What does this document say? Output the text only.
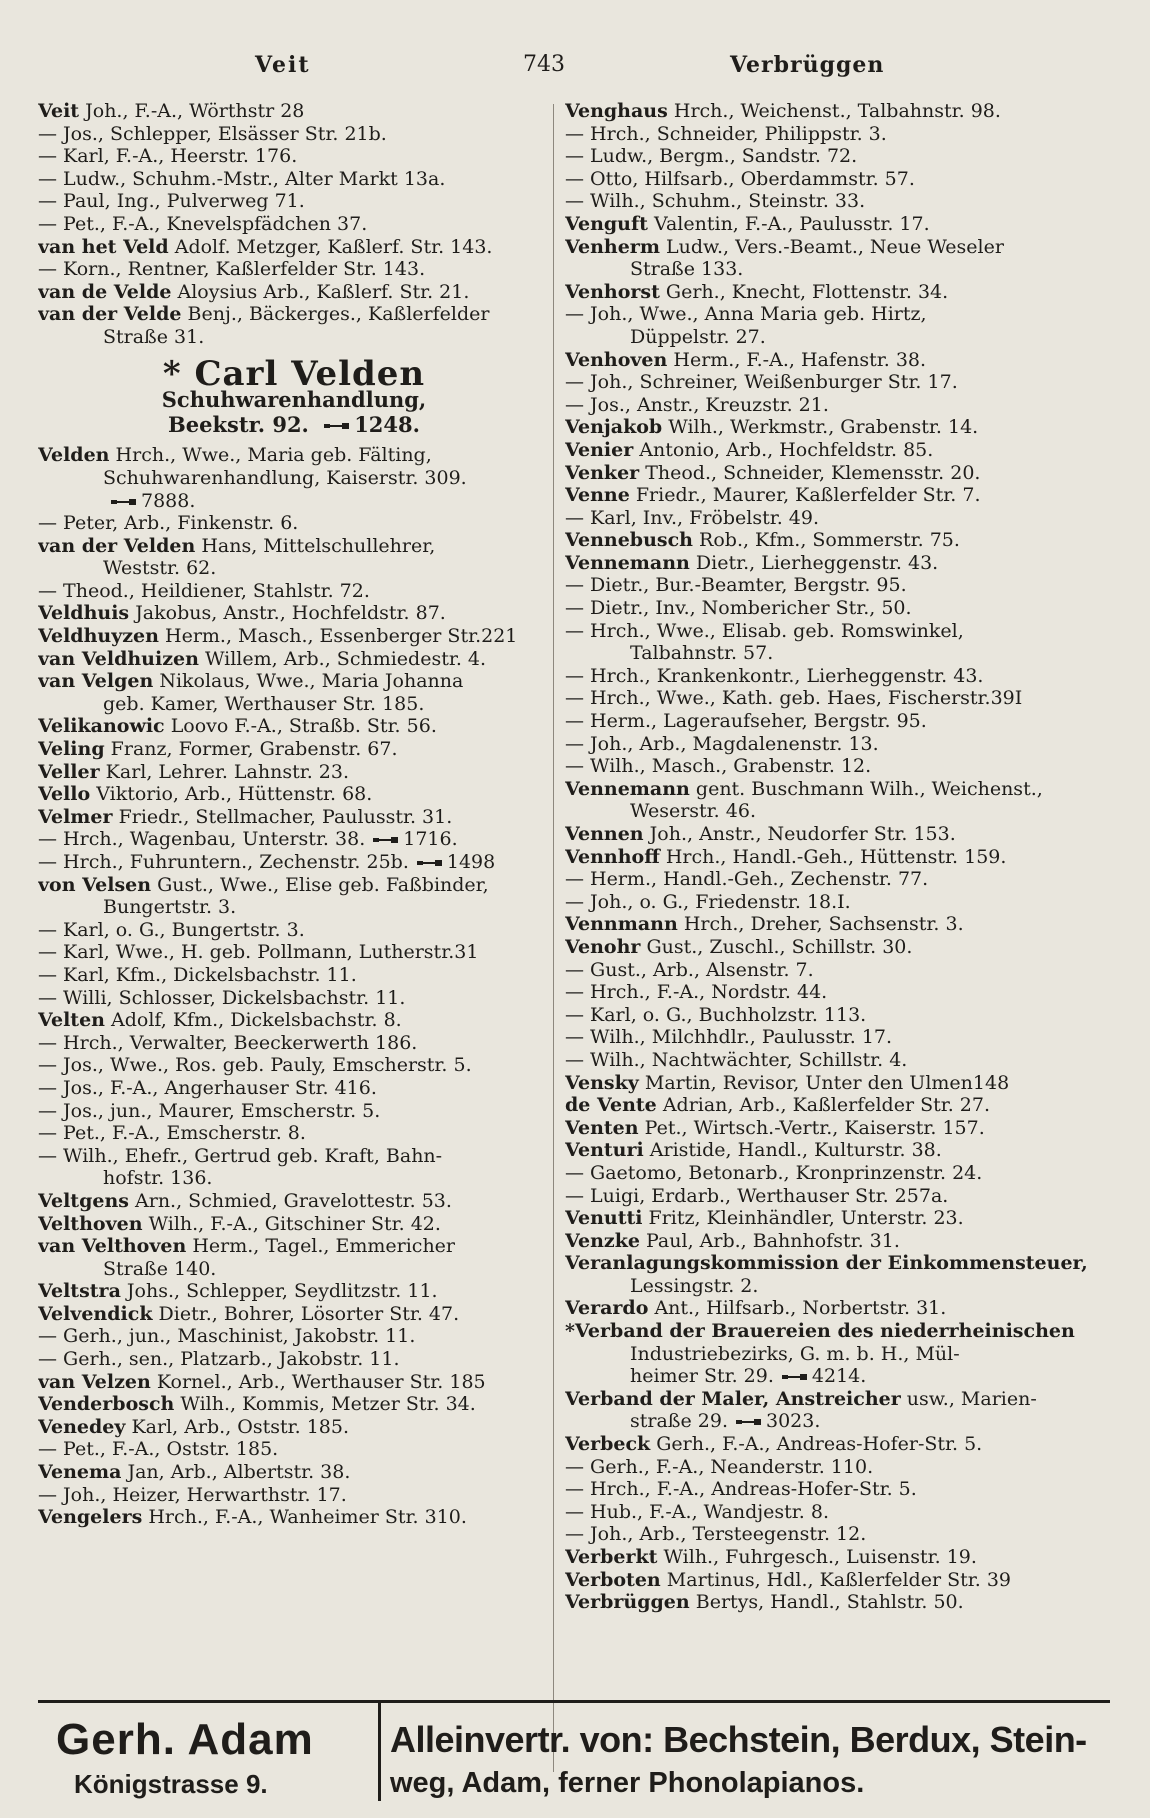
Veit	743	Verbrüggen
Veit Joh., F.-A., Wörthstr 28
— Jos., Schlepper, Elsässer Str. 21b.
— Karl, F.-A., Heerstr. 176.
— Ludw., Schuhm.-Mstr., Alter Markt 13a.
— Paul, Ing., Pulverweg 71.
— Pet., F.-A., Knevelspfädchen 37.
van het Veld Adolf. Metzger, Kaßlerf. Str. 143.
— Korn., Rentner, Kaßlerfelder Str. 143.
van de Velde Aloysius Arb., Kaßlerf. Str. 21.
van der Velde Benj., Bäckerges., Kaßlerfelder
Straße 31.
* Carl Velden
Schuhwarenhandlung,
Beekstr. 92. 1248.
Velden Hrch., Wwe., Maria geb. Fälting,
Schuhwarenhandlung, Kaiserstr. 309.
7888.
— Peter, Arb., Finkenstr. 6.
van der Velden Hans, Mittelschullehrer,
Weststr. 62.
— Theod., Heildiener, Stahlstr. 72.
Veldhuis Jakobus, Anstr., Hochfeldstr. 87.
Veldhuyzen Herm., Masch., Essenberger Str.221
van Veldhuizen Willem, Arb., Schmiedestr. 4.
van Velgen Nikolaus, Wwe., Maria Johanna
geb. Kamer, Werthauser Str. 185.
Velikanowic Loovo F.-A., Straßb. Str. 56.
Veling Franz, Former, Grabenstr. 67.
Veller Karl, Lehrer. Lahnstr. 23.
Vello Viktorio, Arb., Hüttenstr. 68.
Velmer Friedr., Stellmacher, Paulusstr. 31.
— Hrch., Wagenbau, Unterstr. 38. 1716.
— Hrch., Fuhruntern., Zechenstr. 25b. 1498
von Velsen Gust., Wwe., Elise geb. Faßbinder,
Bungertstr. 3.
— Karl, o. G., Bungertstr. 3.
— Karl, Wwe., H. geb. Pollmann, Lutherstr.31
— Karl, Kfm., Dickelsbachstr. 11.
— Willi, Schlosser, Dickelsbachstr. 11.
Velten Adolf, Kfm., Dickelsbachstr. 8.
— Hrch., Verwalter, Beeckerwerth 186.
— Jos., Wwe., Ros. geb. Pauly, Emscherstr. 5.
— Jos., F.-A., Angerhauser Str. 416.
— Jos., jun., Maurer, Emscherstr. 5.
— Pet., F.-A., Emscherstr. 8.
— Wilh., Ehefr., Gertrud geb. Kraft, Bahn-
hofstr. 136.
Veltgens Arn., Schmied, Gravelottestr. 53.
Velthoven Wilh., F.-A., Gitschiner Str. 42.
van Velthoven Herm., Tagel., Emmericher
Straße 140.
Veltstra Johs., Schlepper, Seydlitzstr. 11.
Velvendick Dietr., Bohrer, Lösorter Str. 47.
— Gerh., jun., Maschinist, Jakobstr. 11.
— Gerh., sen., Platzarb., Jakobstr. 11.
van Velzen Kornel., Arb., Werthauser Str. 185
Venderbosch Wilh., Kommis, Metzer Str. 34.
Venedey Karl, Arb., Oststr. 185.
— Pet., F.-A., Oststr. 185.
Venema Jan, Arb., Albertstr. 38.
— Joh., Heizer, Herwarthstr. 17.
Vengelers Hrch., F.-A., Wanheimer Str. 310.
Venghaus Hrch., Weichenst., Talbahnstr. 98.
— Hrch., Schneider, Philippstr. 3.
— Ludw., Bergm., Sandstr. 72.
— Otto, Hilfsarb., Oberdammstr. 57.
— Wilh., Schuhm., Steinstr. 33.
Venguft Valentin, F.-A., Paulusstr. 17.
Venherm Ludw., Vers.-Beamt., Neue Weseler
Straße 133.
Venhorst Gerh., Knecht, Flottenstr. 34.
— Joh., Wwe., Anna Maria geb. Hirtz,
Düppelstr. 27.
Venhoven Herm., F.-A., Hafenstr. 38.
— Joh., Schreiner, Weißenburger Str. 17.
— Jos., Anstr., Kreuzstr. 21.
Venjakob Wilh., Werkmstr., Grabenstr. 14.
Venier Antonio, Arb., Hochfeldstr. 85.
Venker Theod., Schneider, Klemensstr. 20.
Venne Friedr., Maurer, Kaßlerfelder Str. 7.
— Karl, Inv., Fröbelstr. 49.
Vennebusch Rob., Kfm., Sommerstr. 75.
Vennemann Dietr., Lierheggenstr. 43.
— Dietr., Bur.-Beamter, Bergstr. 95.
— Dietr., Inv., Nombericher Str., 50.
— Hrch., Wwe., Elisab. geb. Romswinkel,
Talbahnstr. 57.
— Hrch., Krankenkontr., Lierheggenstr. 43.
— Hrch., Wwe., Kath. geb. Haes, Fischerstr.39I
— Herm., Lageraufseher, Bergstr. 95.
— Joh., Arb., Magdalenenstr. 13.
— Wilh., Masch., Grabenstr. 12.
Vennemann gent. Buschmann Wilh., Weichenst.,
Weserstr. 46.
Vennen Joh., Anstr., Neudorfer Str. 153.
Vennhoff Hrch., Handl.-Geh., Hüttenstr. 159.
— Herm., Handl.-Geh., Zechenstr. 77.
— Joh., o. G., Friedenstr. 18.I.
Vennmann Hrch., Dreher, Sachsenstr. 3.
Venohr Gust., Zuschl., Schillstr. 30.
— Gust., Arb., Alsenstr. 7.
— Hrch., F.-A., Nordstr. 44.
— Karl, o. G., Buchholzstr. 113.
— Wilh., Milchhdlr., Paulusstr. 17.
— Wilh., Nachtwächter, Schillstr. 4.
Vensky Martin, Revisor, Unter den Ulmen148
de Vente Adrian, Arb., Kaßlerfelder Str. 27.
Venten Pet., Wirtsch.-Vertr., Kaiserstr. 157.
Venturi Aristide, Handl., Kulturstr. 38.
— Gaetomo, Betonarb., Kronprinzenstr. 24.
— Luigi, Erdarb., Werthauser Str. 257a.
Venutti Fritz, Kleinhändler, Unterstr. 23.
Venzke Paul, Arb., Bahnhofstr. 31.
Veranlagungskommission der Einkommensteuer,
Lessingstr. 2.
Verardo Ant., Hilfsarb., Norbertstr. 31.
*Verband der Brauereien des niederrheinischen
Industriebezirks, G. m. b. H., Mül-
heimer Str. 29. 4214.
Verband der Maler, Anstreicher usw., Marien-
straße 29. 3023.
Verbeck Gerh., F.-A., Andreas-Hofer-Str. 5.
— Gerh., F.-A., Neanderstr. 110.
— Hrch., F.-A., Andreas-Hofer-Str. 5.
— Hub., F.-A., Wandjestr. 8.
— Joh., Arb., Tersteegenstr. 12.
Verberkt Wilh., Fuhrgesch., Luisenstr. 19.
Verboten Martinus, Hdl., Kaßlerfelder Str. 39
Verbrüggen Bertys, Handl., Stahlstr. 50.
Gerh. Adam
Königstrasse 9.
Alleinvertr. von: Bechstein, Berdux, Stein-
weg, Adam, ferner Phonolapianos.
